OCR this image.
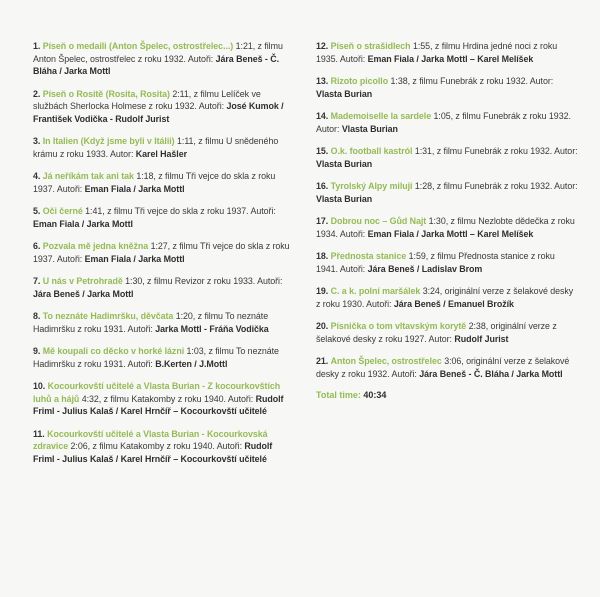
1. Píseň o medaili (Anton Špelec, ostrostřelec...) 1:21, z filmu Anton Špelec, ostrostřelec z roku 1932. Autoři: Jára Beneš - Č. Bláha / Jarka Mottl

2. Píseň o Rositě (Rosita, Rosita) 2:11, z filmu Lelíček ve službách Sherlocka Holmese z roku 1932. Autoři: José Kumok / František Vodička - Rudolf Jurist

3. In Italien (Když jsme byli v Itálii) 1:11, z filmu U snědeného krámu z roku 1933. Autor: Karel Hašler

4. Já neříkám tak ani tak 1:18, z filmu Tři vejce do skla z roku 1937. Autoři: Eman Fiala / Jarka Mottl

5. Oči černé 1:41, z filmu Tři vejce do skla z roku 1937. Autoři: Eman Fiala / Jarka Mottl

6. Pozvala mě jedna kněžna 1:27, z filmu Tři vejce do skla z roku 1937. Autoři: Eman Fiala / Jarka Mottl

7. U nás v Petrohradě 1:30, z filmu Revizor z roku 1933. Autoři: Jára Beneš / Jarka Mottl

8. To neznáte Hadimršku, děvčata 1:20, z filmu To neznáte Hadimršku z roku 1931. Autoři: Jarka Mottl - Fráňa Vodička

9. Mě koupali co děcko v horké lázni 1:03, z filmu To neznáte Hadimršku z roku 1931. Autoři: B.Kerten / J.Mottl

10. Kocourkovští učitelé a Vlasta Burian - Z kocourkovštích luhů a hájů 4:32, z filmu Katakomby z roku 1940. Autoři: Rudolf Friml - Julius Kalaš / Karel Hrnčíř – Kocourkovští učitelé

11. Kocourkovští učitelé a Vlasta Burian - Kocourkovská zdravice 2:06, z filmu Katakomby z roku 1940. Autoři: Rudolf Friml - Julius Kalaš / Karel Hrnčíř – Kocourkovští učitelé

12. Píseň o strašidlech 1:55, z filmu Hrdina jedné noci z roku 1935. Autoři: Eman Fiala / Jarka Mottl – Karel Melíšek

13. Rizoto picollo 1:38, z filmu Funebrák z roku 1932. Autor: Vlasta Burian

14. Mademoiselle la sardele 1:05, z filmu Funebrák z roku 1932. Autor: Vlasta Burian

15. O.k. football kastról 1:31, z filmu Funebrák z roku 1932. Autor: Vlasta Burian

16. Tyrolský Alpy miluji 1:28, z filmu Funebrák z roku 1932. Autor: Vlasta Burian

17. Dobrou noc – Gůd Najt 1:30, z filmu Nezlobte dědečka z roku 1934. Autoři: Eman Fiala / Jarka Mottl – Karel Melíšek

18. Přednosta stanice 1:59, z filmu Přednosta stanice z roku 1941. Autoři: Jára Beneš / Ladislav Brom

19. C. a k. polní maršálek 3:24, originální verze z šelakové desky z roku 1930. Autoři: Jára Beneš / Emanuel Brožík

20. Písnička o tom vltavským korytě 2:38, originální verze z šelakové desky z roku 1927. Autor: Rudolf Jurist

21. Anton Špelec, ostrostřelec 3:06, originální verze z šelakové desky z roku 1932. Autoři: Jára Beneš - Č. Bláha / Jarka Mottl

Total time: 40:34
